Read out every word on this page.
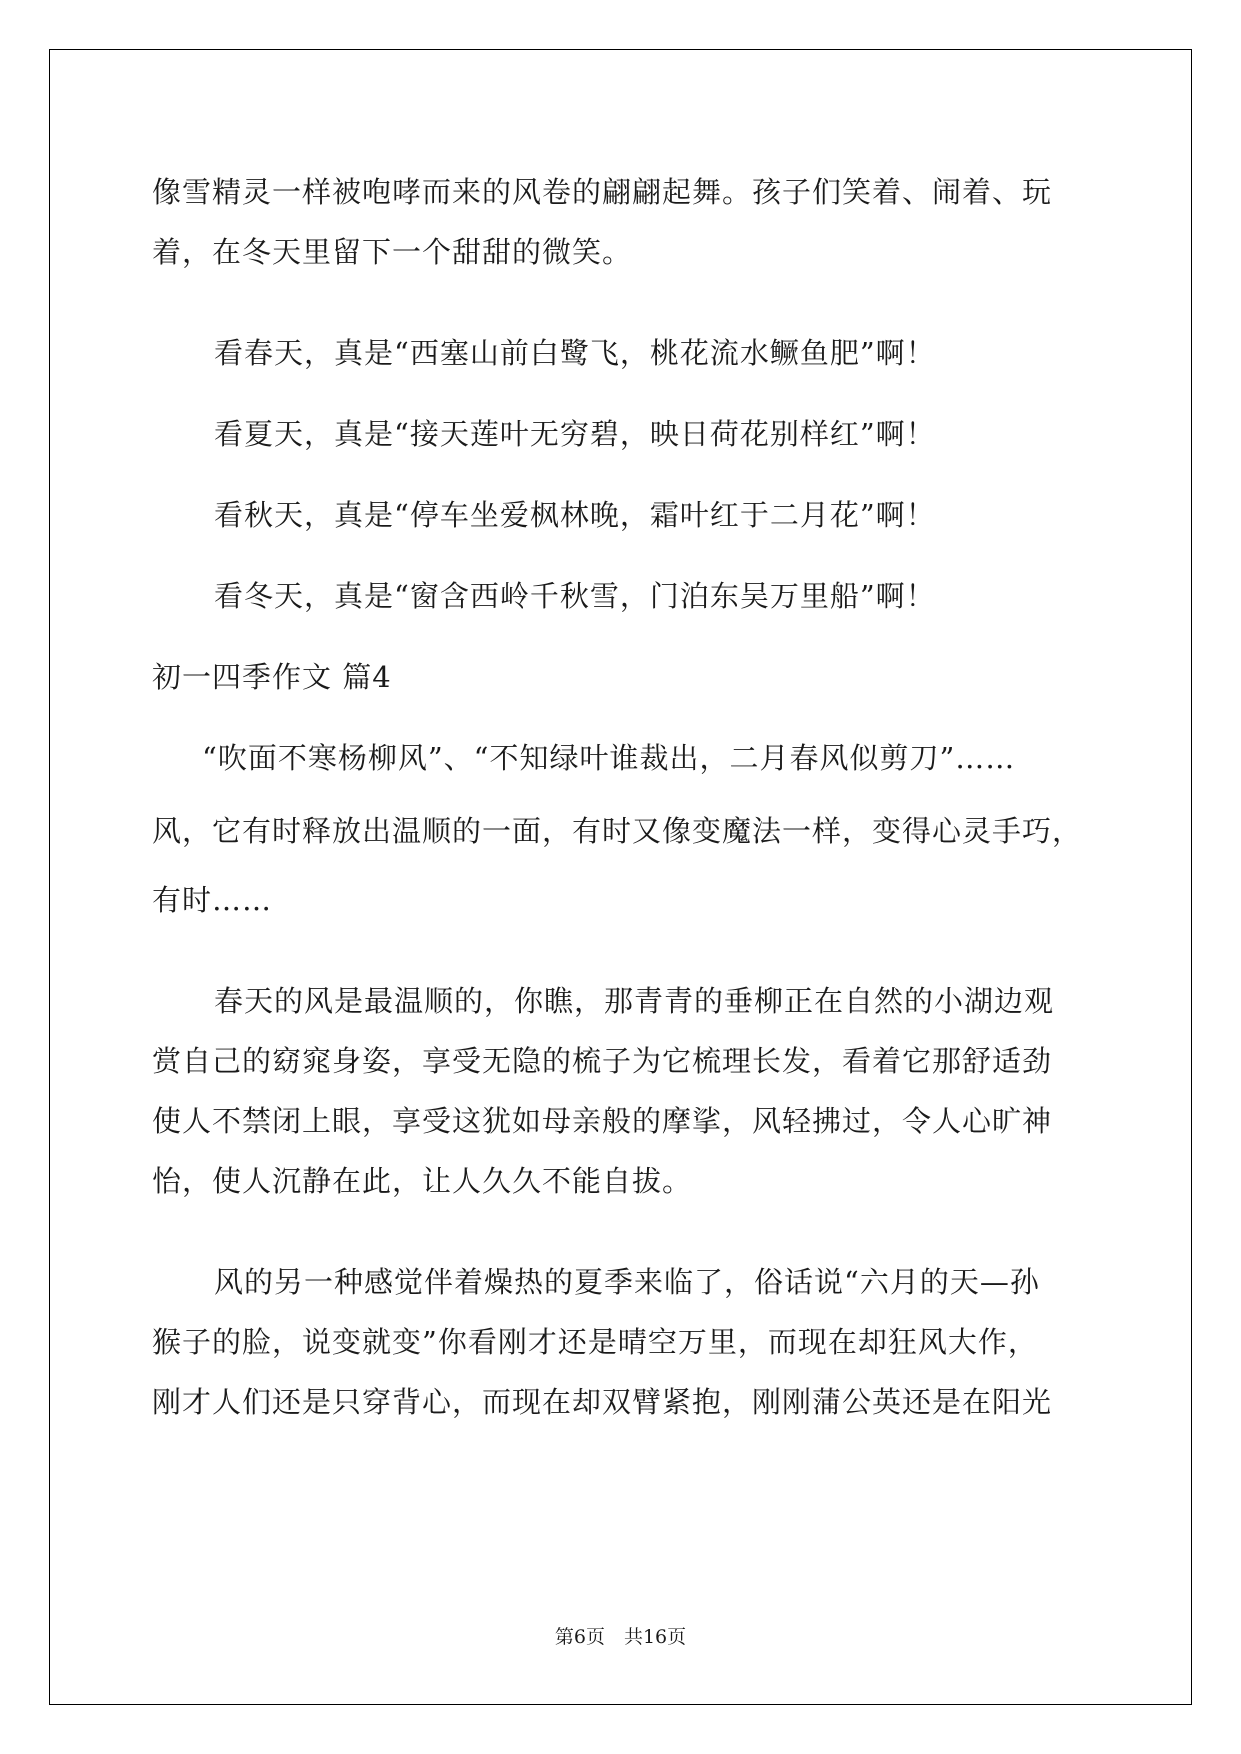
像雪精灵一样被咆哮而来的风卷的翩翩起舞。孩子们笑着、闹着、玩
着，在冬天里留下一个甜甜的微笑。
看春天，真是“西塞山前白鹭飞，桃花流水鳜鱼肥”啊！
看夏天，真是“接天莲叶无穷碧，映日荷花别样红”啊！
看秋天，真是“停车坐爱枫林晚，霜叶红于二月花”啊！
看冬天，真是“窗含西岭千秋雪，门泊东吴万里船”啊！
初一四季作文 篇4
“吹面不寒杨柳风”、“不知绿叶谁裁出，二月春风似剪刀”……
风，它有时释放出温顺的一面，有时又像变魔法一样，变得心灵手巧，
有时……
春天的风是最温顺的，你瞧，那青青的垂柳正在自然的小湖边观
赏自己的窈窕身姿，享受无隐的梳子为它梳理长发，看着它那舒适劲
使人不禁闭上眼，享受这犹如母亲般的摩挲，风轻拂过，令人心旷神
怡，使人沉静在此，让人久久不能自拔。
风的另一种感觉伴着燥热的夏季来临了，俗话说“六月的天—孙
猴子的脸，说变就变”你看刚才还是晴空万里，而现在却狂风大作，
刚才人们还是只穿背心，而现在却双臂紧抱，刚刚蒲公英还是在阳光
第6页　共16页
